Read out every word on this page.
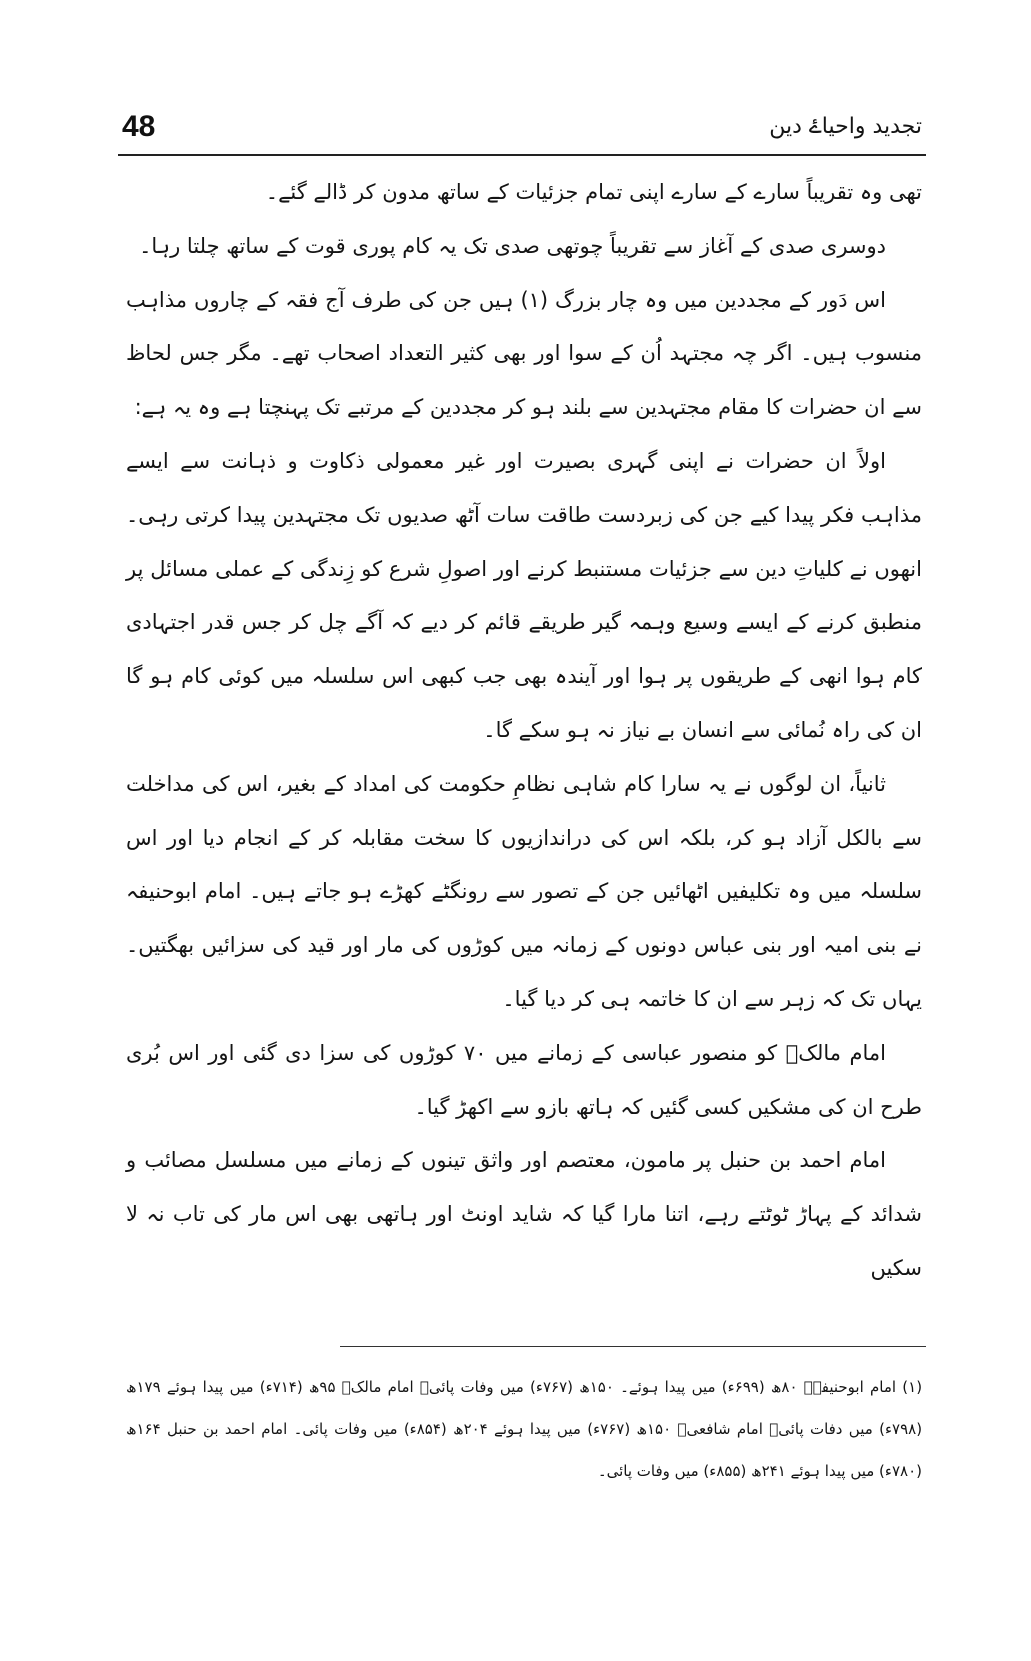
48	تجدید واحیاۓ دین

تھی وہ تقریباً سارے کے سارے اپنی تمام جزئیات کے ساتھ مدون کر ڈالے گئے۔

دوسری صدی کے آغاز سے تقریباً چوتھی صدی تک یہ کام پوری قوت کے ساتھ چلتا رہا۔

اس دَور کے مجددین میں وہ چار بزرگ (۱) ہیں جن کی طرف آج فقہ کے چاروں مذاہب منسوب ہیں۔ اگر چہ مجتہد اُن کے سوا اور بھی کثیر التعداد اصحاب تھے۔ مگر جس لحاظ سے ان حضرات کا مقام مجتہدین سے بلند ہو کر مجددین کے مرتبے تک پہنچتا ہے وہ یہ ہے:

اولاً ان حضرات نے اپنی گہری بصیرت اور غیر معمولی ذکاوت و ذہانت سے ایسے مذاہب فکر پیدا کیے جن کی زبردست طاقت سات آٹھ صدیوں تک مجتہدین پیدا کرتی رہی۔ انھوں نے کلیاتِ دین سے جزئیات مستنبط کرنے اور اصولِ شرع کو زِندگی کے عملی مسائل پر منطبق کرنے کے ایسے وسیع وہمہ گیر طریقے قائم کر دیے کہ آگے چل کر جس قدر اجتہادی کام ہوا انھی کے طریقوں پر ہوا اور آیندہ بھی جب کبھی اس سلسلہ میں کوئی کام ہو گا ان کی راہ نُمائی سے انسان بے نیاز نہ ہو سکے گا۔

ثانیاً، ان لوگوں نے یہ سارا کام شاہی نظامِ حکومت کی امداد کے بغیر، اس کی مداخلت سے بالکل آزاد ہو کر، بلکہ اس کی دراندازیوں کا سخت مقابلہ کر کے انجام دیا اور اس سلسلہ میں وہ تکلیفیں اٹھائیں جن کے تصور سے رونگٹے کھڑے ہو جاتے ہیں۔ امام ابوحنیفہ نے بنی امیہ اور بنی عباس دونوں کے زمانہ میں کوڑوں کی مار اور قید کی سزائیں بھگتیں۔ یہاں تک کہ زہر سے ان کا خاتمہ ہی کر دیا گیا۔

امام مالکؒ کو منصور عباسی کے زمانے میں ۷۰ کوڑوں کی سزا دی گئی اور اس بُری طرح ان کی مشکیں کسی گئیں کہ ہاتھ بازو سے اکھڑ گیا۔

امام احمد بن حنبل پر مامون، معتصم اور واثق تینوں کے زمانے میں مسلسل مصائب و شدائد کے پہاڑ ٹوٹتے رہے، اتنا مارا گیا کہ شاید اونٹ اور ہاتھی بھی اس مار کی تاب نہ لا سکیں

(۱) امام ابوحنیفہؒ ۸۰ھ (۶۹۹ء) میں پیدا ہوئے۔ ۱۵۰ھ (۷۶۷ء) میں وفات پائی۔ امام مالکؒ ۹۵ھ (۷۱۴ء) میں پیدا ہوئے ۱۷۹ھ (۷۹۸ء) میں دفات پائی۔ امام شافعیؒ ۱۵۰ھ (۷۶۷ء) میں پیدا ہوئے ۲۰۴ھ (۸۵۴ء) میں وفات پائی۔ امام احمد بن حنبل ۱۶۴ھ (۷۸۰ء) میں پیدا ہوئے ۲۴۱ھ (۸۵۵ء) میں وفات پائی۔
